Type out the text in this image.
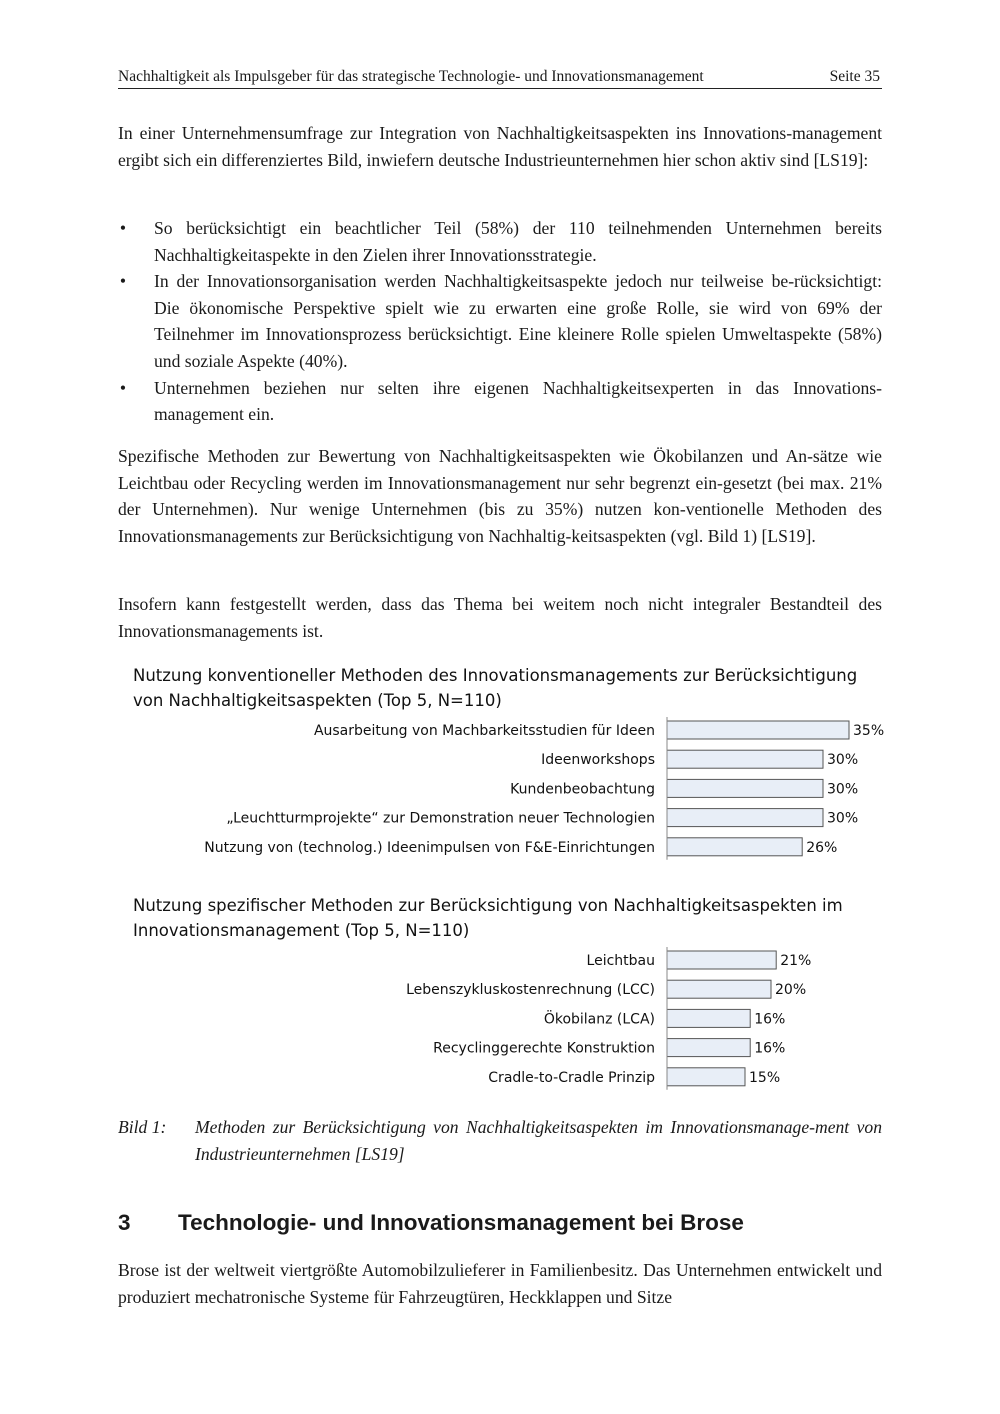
Nachhaltigkeit als Impulsgeber für das strategische Technologie- und Innovationsmanagement	Seite 35

In einer Unternehmensumfrage zur Integration von Nachhaltigkeitsaspekten ins Innovations-management ergibt sich ein differenziertes Bild, inwiefern deutsche Industrieunternehmen hier schon aktiv sind [LS19]:

• So berücksichtigt ein beachtlicher Teil (58%) der 110 teilnehmenden Unternehmen bereits Nachhaltigkeitaspekte in den Zielen ihrer Innovationsstrategie.
• In der Innovationsorganisation werden Nachhaltigkeitsaspekte jedoch nur teilweise be-rücksichtigt: Die ökonomische Perspektive spielt wie zu erwarten eine große Rolle, sie wird von 69% der Teilnehmer im Innovationsprozess berücksichtigt. Eine kleinere Rolle spielen Umweltaspekte (58%) und soziale Aspekte (40%).
• Unternehmen beziehen nur selten ihre eigenen Nachhaltigkeitsexperten in das Innovations-management ein.

Spezifische Methoden zur Bewertung von Nachhaltigkeitsaspekten wie Ökobilanzen und An-sätze wie Leichtbau oder Recycling werden im Innovationsmanagement nur sehr begrenzt ein-gesetzt (bei max. 21% der Unternehmen). Nur wenige Unternehmen (bis zu 35%) nutzen kon-ventionelle Methoden des Innovationsmanagements zur Berücksichtigung von Nachhaltig-keitsaspekten (vgl. Bild 1) [LS19].

Insofern kann festgestellt werden, dass das Thema bei weitem noch nicht integraler Bestandteil des Innovationsmanagements ist.

Nutzung konventioneller Methoden des Innovationsmanagements zur Berücksichtigung
von Nachhaltigkeitsaspekten (Top 5, N=110)
Ausarbeitung von Machbarkeitsstudien für Ideen	35%
Ideenworkshops	30%
Kundenbeobachtung	30%
„Leuchtturmprojekte“ zur Demonstration neuer Technologien	30%
Nutzung von (technolog.) Ideenimpulsen von F&E-Einrichtungen	26%
Nutzung spezifischer Methoden zur Berücksichtigung von Nachhaltigkeitsaspekten im
Innovationsmanagement (Top 5, N=110)
Leichtbau	21%
Lebenszykluskostenrechnung (LCC)	20%
Ökobilanz (LCA)	16%
Recyclinggerechte Konstruktion	16%
Cradle-to-Cradle Prinzip	15%
Bild 1: Methoden zur Berücksichtigung von Nachhaltigkeitsaspekten im Innovationsmanage-ment von Industrieunternehmen [LS19]
3 Technologie- und Innovationsmanagement bei Brose

Brose ist der weltweit viertgrößte Automobilzulieferer in Familienbesitz. Das Unternehmen entwickelt und produziert mechatronische Systeme für Fahrzeugtüren, Heckklappen und Sitze
